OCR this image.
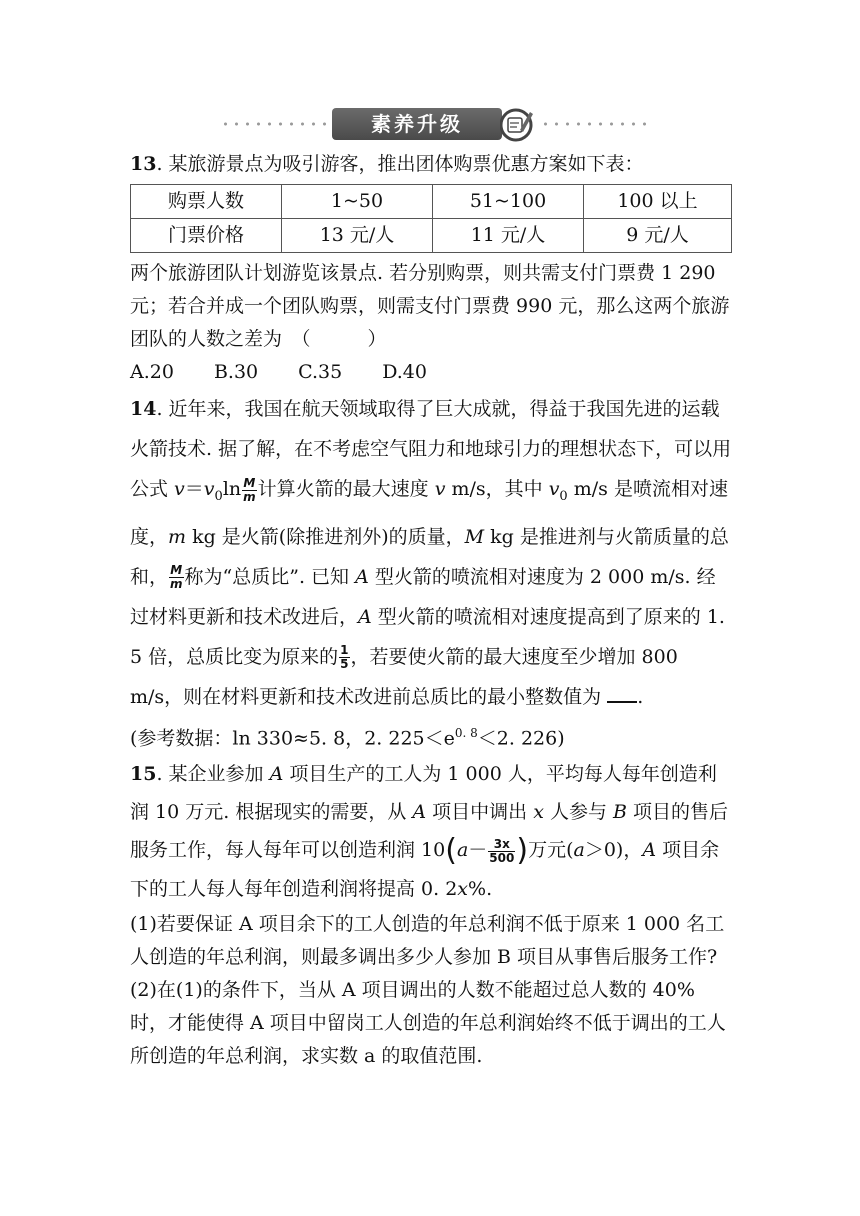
素养升级

13. 某旅游景点为吸引游客，推出团体购票优惠方案如下表：

购票人数	1~50	51~100	100 以上
门票价格	13 元/人	11 元/人	9 元/人

两个旅游团队计划游览该景点. 若分别购票，则共需支付门票费 1 290 元；若合并成一个团队购票，则需支付门票费 990 元，那么这两个旅游团队的人数之差为　（　　　）

A.20 B.30 C.35 D.40

14. 近年来，我国在航天领域取得了巨大成就，得益于我国先进的运载火箭技术. 据了解，在不考虑空气阻力和地球引力的理想状态下，可以用公式 $v=v_0\ln \frac{M}{m}$ 计算火箭的最大速度 v m/s，其中 $v_0$ m/s 是喷流相对速度，m kg 是火箭(除推进剂外)的质量，M kg 是推进剂与火箭质量的总和， $\frac{M}{m}$ 称为“总质比”. 已知 A 型火箭的喷流相对速度为 2 000 m/s. 经过材料更新和技术改进后，A 型火箭的喷流相对速度提高到了原来的 1. 5 倍，总质比变为原来的 $\frac{1}{5}$ ，若要使火箭的最大速度至少增加 800 m/s，则在材料更新和技术改进前总质比的最小整数值为 .

(参考数据：ln 330≈5. 8，2. $225<e^{0. 8}<2$. 226)

15. 某企业参加 A 项目生产的工人为 1 000 人，平均每人每年创造利润 10 万元. 根据现实的需要，从 A 项目中调出 x 人参与 B 项目的售后服务工作，每人每年可以创造利润 $10(a- \frac{3x}{500}$ )万元(a＞0)，A 项目余下的工人每人每年创造利润将提高 0. 2x%.

(1)若要保证 A 项目余下的工人创造的年总利润不低于原来 1 000 名工人创造的年总利润，则最多调出多少人参加 B 项目从事售后服务工作?

(2)在(1)的条件下，当从 A 项目调出的人数不能超过总人数的 40% 时，才能使得 A 项目中留岗工人创造的年总利润始终不低于调出的工人所创造的年总利润，求实数 a 的取值范围.
